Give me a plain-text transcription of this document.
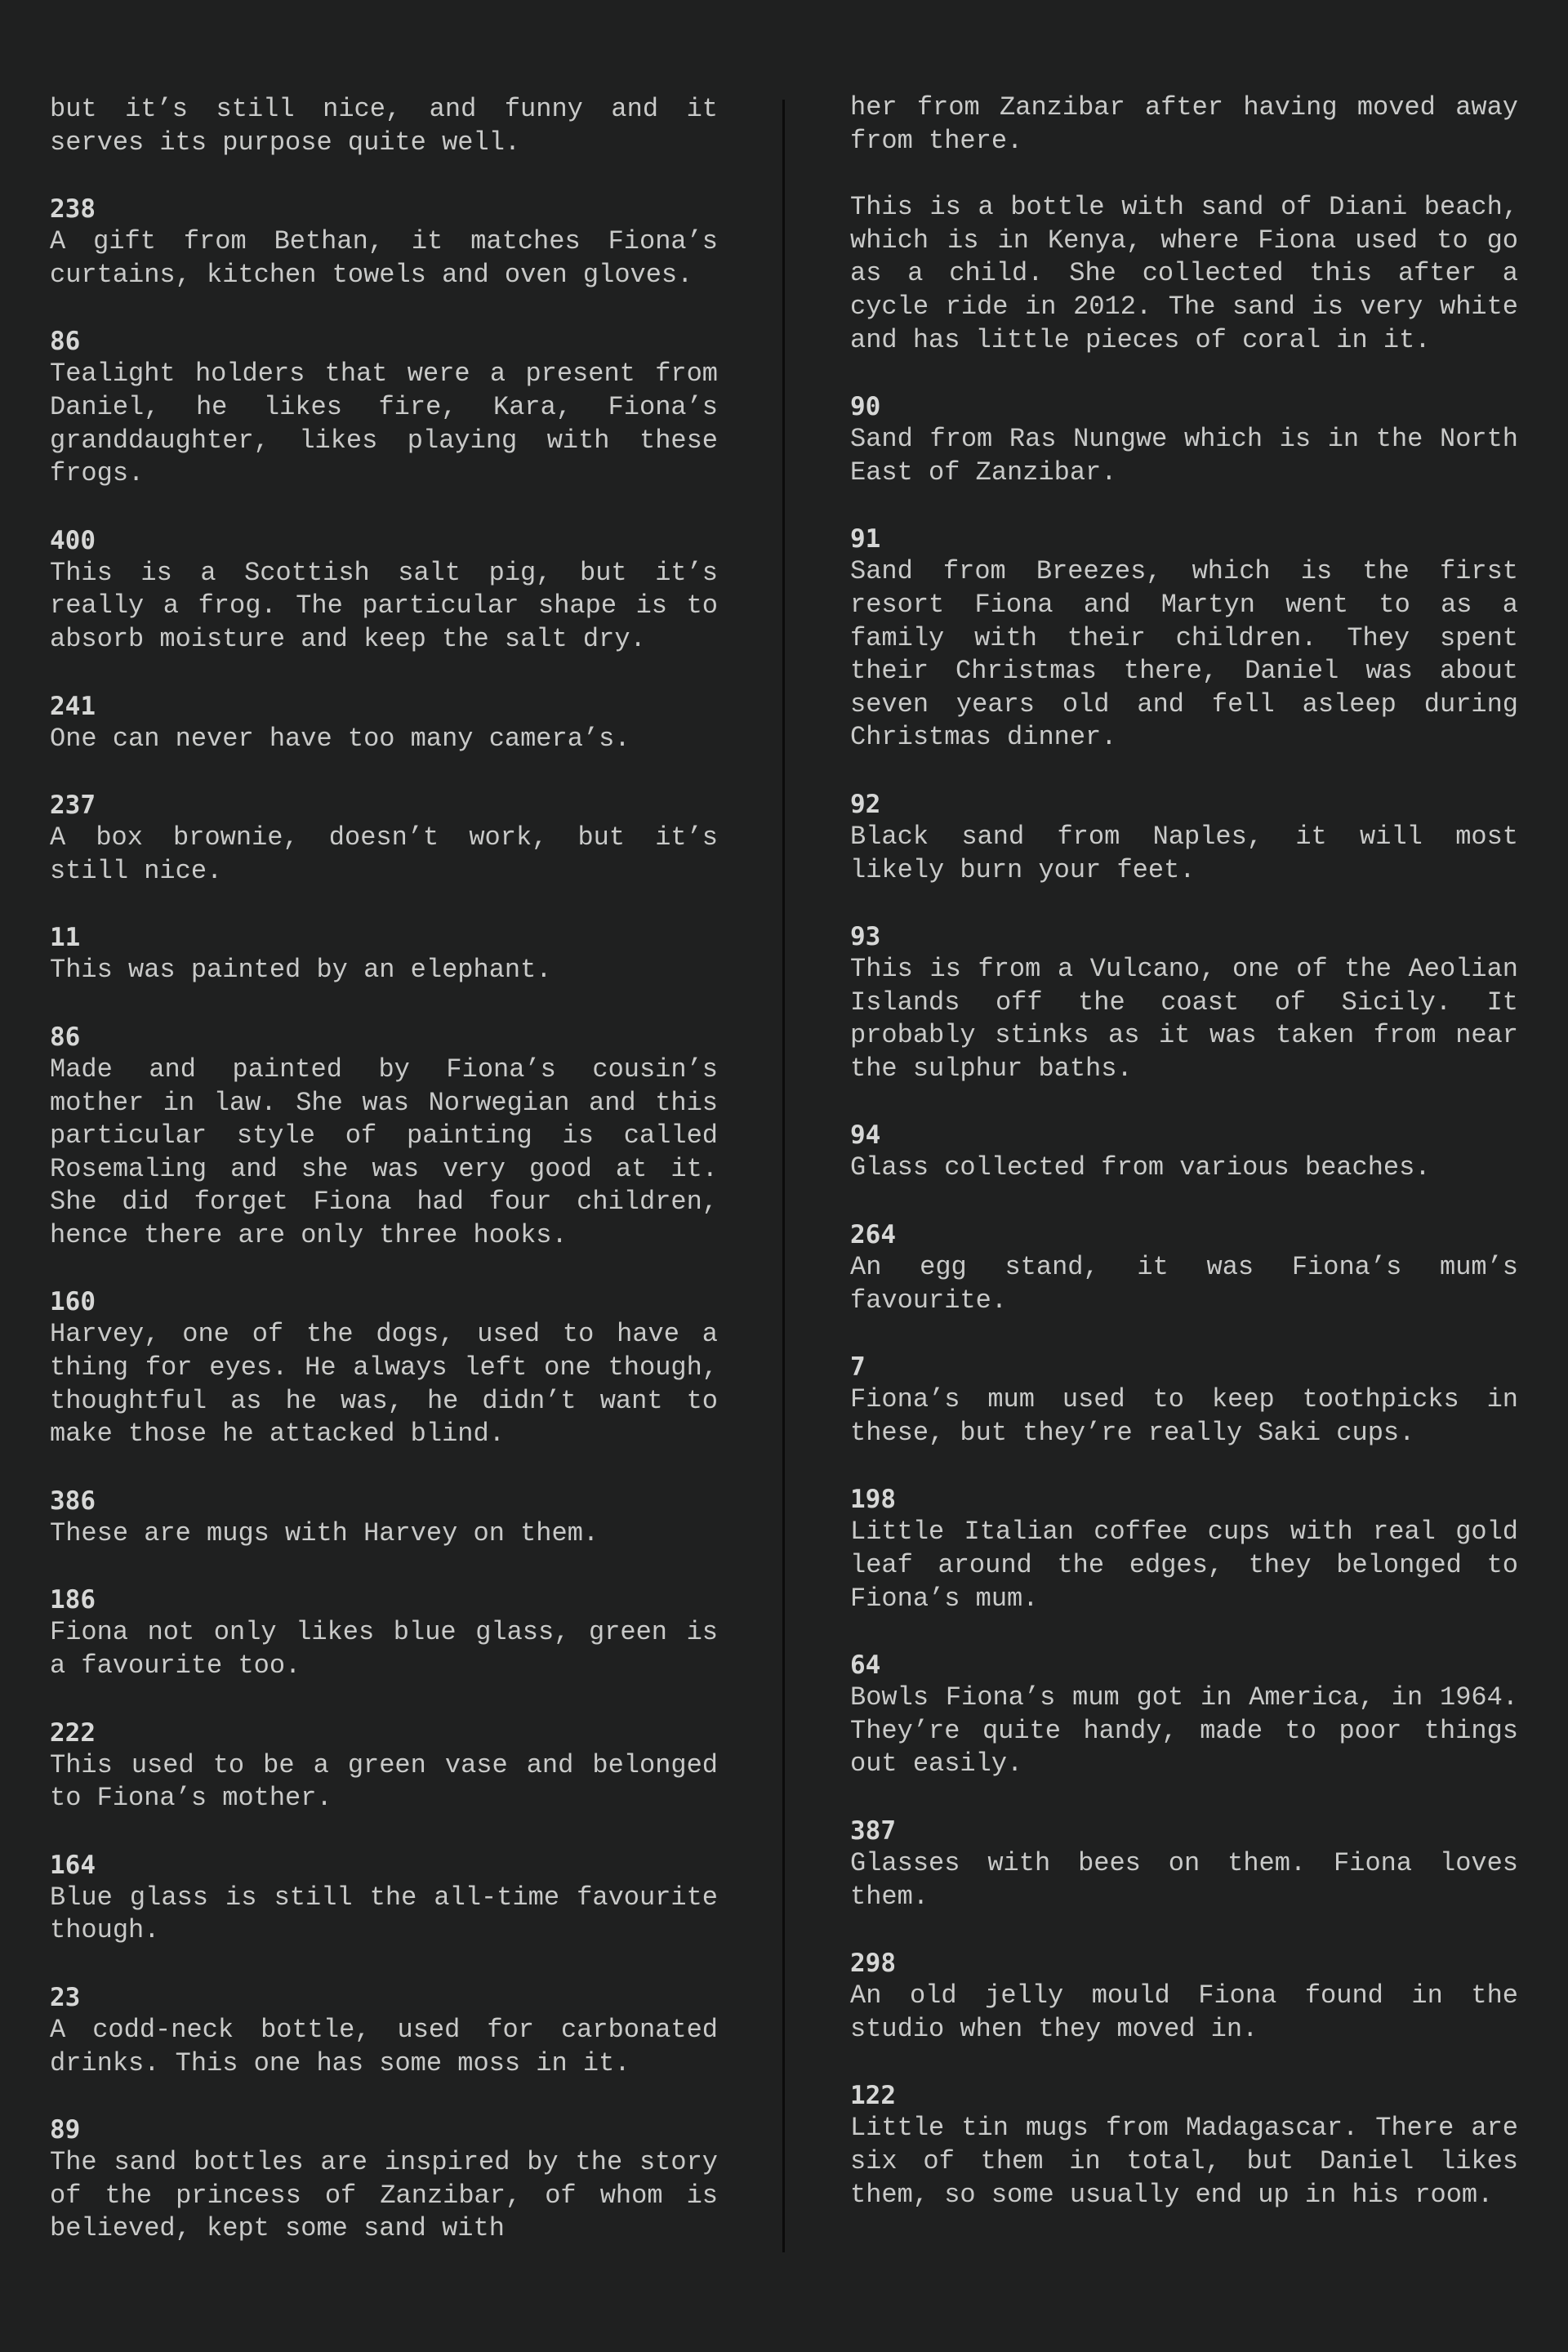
but it’s still nice, and funny and it serves its purpose quite well.
238
A gift from Bethan, it matches Fiona’s curtains, kitchen towels and oven gloves.
86
Tealight holders that were a present from Daniel, he likes fire, Kara, Fiona’s granddaughter, likes playing with these frogs.
400
This is a Scottish salt pig, but it’s really a frog. The particular shape is to absorb moisture and keep the salt dry.
241
One can never have too many camera’s.
237
A box brownie, doesn’t work, but it’s still nice.
11
This was painted by an elephant.
86
Made and painted by Fiona’s cousin’s mother in law. She was Norwegian and this particular style of painting is called Rosemaling and she was very good at it. She did forget Fiona had four children, hence there are only three hooks.
160
Harvey, one of the dogs, used to have a thing for eyes. He always left one though, thoughtful as he was, he didn’t want to make those he attacked blind.
386
These are mugs with Harvey on them.
186
Fiona not only likes blue glass, green is a favourite too.
222
This used to be a green vase and belonged to Fiona’s mother.
164
Blue glass is still the all-time favourite though.
23
A codd-neck bottle, used for carbonated drinks. This one has some moss in it.
89
The sand bottles are inspired by the story of the princess of Zanzibar, of whom is believed, kept some sand with
her from Zanzibar after having moved away from there.
This is a bottle with sand of Diani beach, which is in Kenya, where Fiona used to go as a child. She collected this after a cycle ride in 2012. The sand is very white and has little pieces of coral in it.
90
Sand from Ras Nungwe which is in the North East of Zanzibar.
91
Sand from Breezes, which is the first resort Fiona and Martyn went to as a family with their children. They spent their Christmas there, Daniel was about seven years old and fell asleep during Christmas dinner.
92
Black sand from Naples, it will most likely burn your feet.
93
This is from a Vulcano, one of the Aeolian Islands off the coast of Sicily. It probably stinks as it was taken from near the sulphur baths.
94
Glass collected from various beaches.
264
An egg stand, it was Fiona’s mum’s favourite.
7
Fiona’s mum used to keep toothpicks in these, but they’re really Saki cups.
198
Little Italian coffee cups with real gold leaf around the edges, they belonged to Fiona’s mum.
64
Bowls Fiona’s mum got in America, in 1964. They’re quite handy, made to poor things out easily.
387
Glasses with bees on them. Fiona loves them.
298
An old jelly mould Fiona found in the studio when they moved in.
122
Little tin mugs from Madagascar. There are six of them in total, but Daniel likes them, so some usually end up in his room.
